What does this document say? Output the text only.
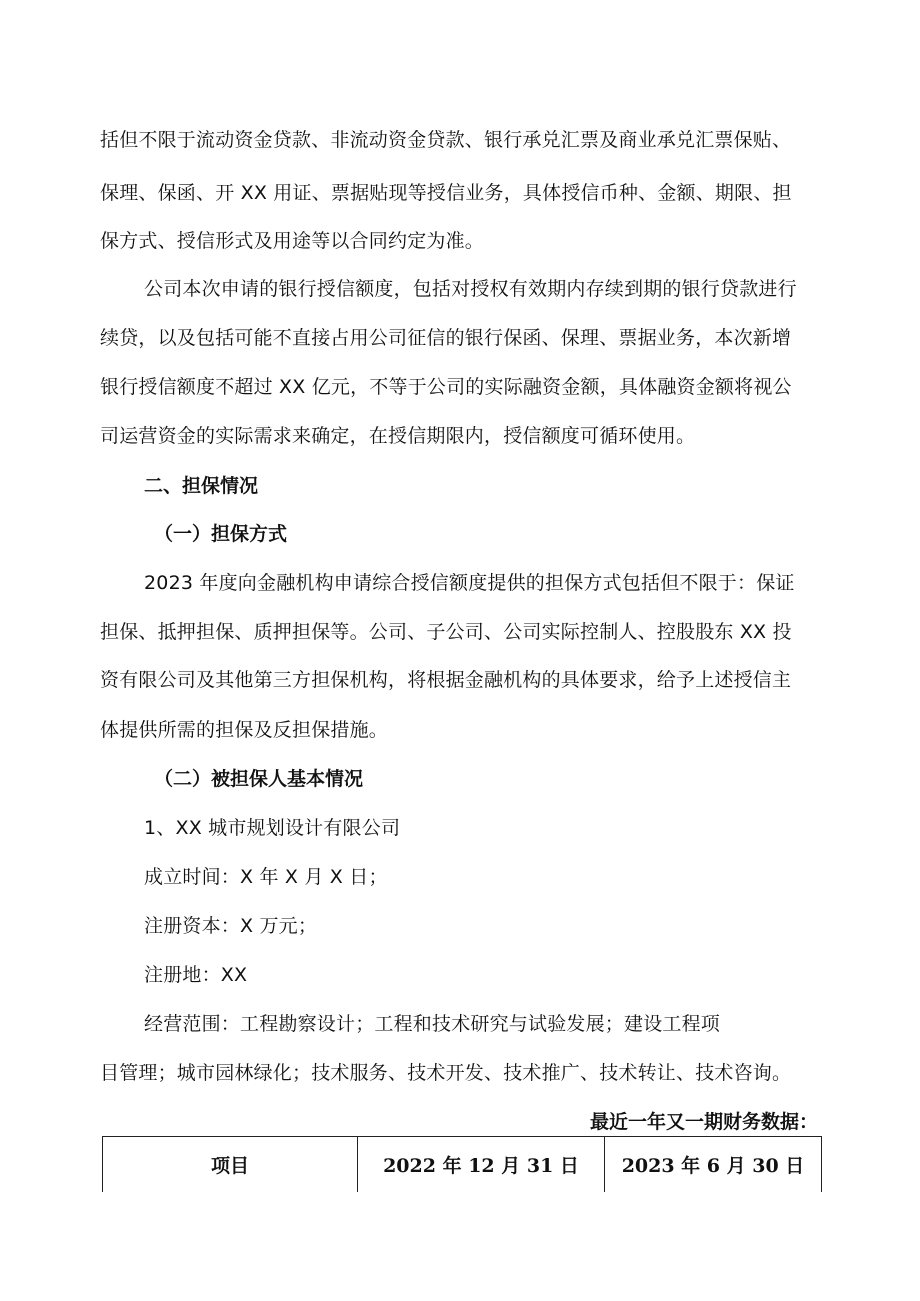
括但不限于流动资金贷款、非流动资金贷款、银行承兑汇票及商业承兑汇票保贴、
保理、保函、开 XX 用证、票据贴现等授信业务，具体授信币种、金额、期限、担
保方式、授信形式及用途等以合同约定为准。
公司本次申请的银行授信额度，包括对授权有效期内存续到期的银行贷款进行
续贷，以及包括可能不直接占用公司征信的银行保函、保理、票据业务，本次新增
银行授信额度不超过 XX 亿元，不等于公司的实际融资金额，具体融资金额将视公
司运营资金的实际需求来确定，在授信期限内，授信额度可循环使用。
二、担保情况
（一）担保方式
2023 年度向金融机构申请综合授信额度提供的担保方式包括但不限于：保证
担保、抵押担保、质押担保等。公司、子公司、公司实际控制人、控股股东 XX 投
资有限公司及其他第三方担保机构，将根据金融机构的具体要求，给予上述授信主
体提供所需的担保及反担保措施。
（二）被担保人基本情况
1、XX 城市规划设计有限公司
成立时间：X 年 X 月 X 日；
注册资本：X 万元；
注册地：XX
经营范围：工程勘察设计；工程和技术研究与试验发展；建设工程项
目管理；城市园林绿化；技术服务、技术开发、技术推广、技术转让、技术咨询。
最近一年又一期财务数据：
项目	2022 年 12 月 31 日	2023 年 6 月 30 日
